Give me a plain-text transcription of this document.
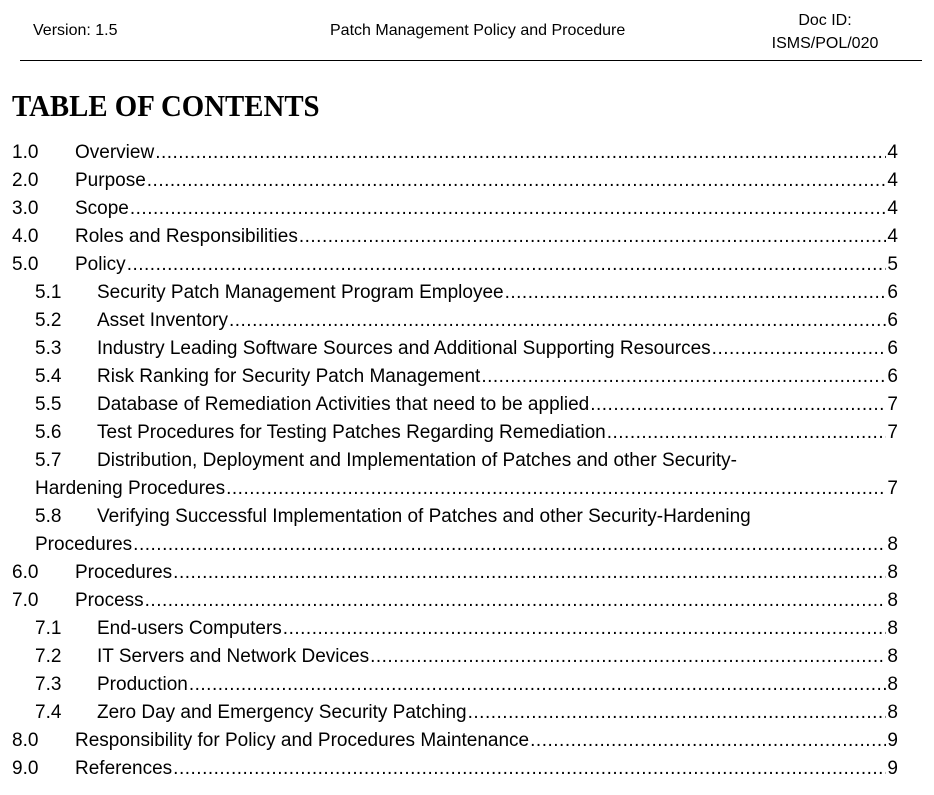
Version: 1.5	Patch Management Policy and Procedure
Doc ID:
ISMS/POL/020
TABLE OF CONTENTS
1.0	Overview .....	4
2.0	Purpose .....	4
3.0	Scope .....	4
4.0	Roles and Responsibilities .....	4
5.0	Policy .....	5
5.1	Security Patch Management Program Employee .....	6
5.2	Asset Inventory .....	6
5.3	Industry Leading Software Sources and Additional Supporting Resources .....	6
5.4	Risk Ranking for Security Patch Management .....	6
5.5	Database of Remediation Activities that need to be applied .....	7
5.6	Test Procedures for Testing Patches Regarding Remediation .....	7
5.7	Distribution, Deployment and Implementation of Patches and other Security-
Hardening Procedures .....	7
5.8	Verifying Successful Implementation of Patches and other Security-Hardening
Procedures .....	8
6.0	Procedures .....	8
7.0	Process .....	8
7.1	End-users Computers .....	8
7.2	IT Servers and Network Devices .....	8
7.3	Production .....	8
7.4	Zero Day and Emergency Security Patching .....	8
8.0	Responsibility for Policy and Procedures Maintenance .....	9
9.0	References .....	9
